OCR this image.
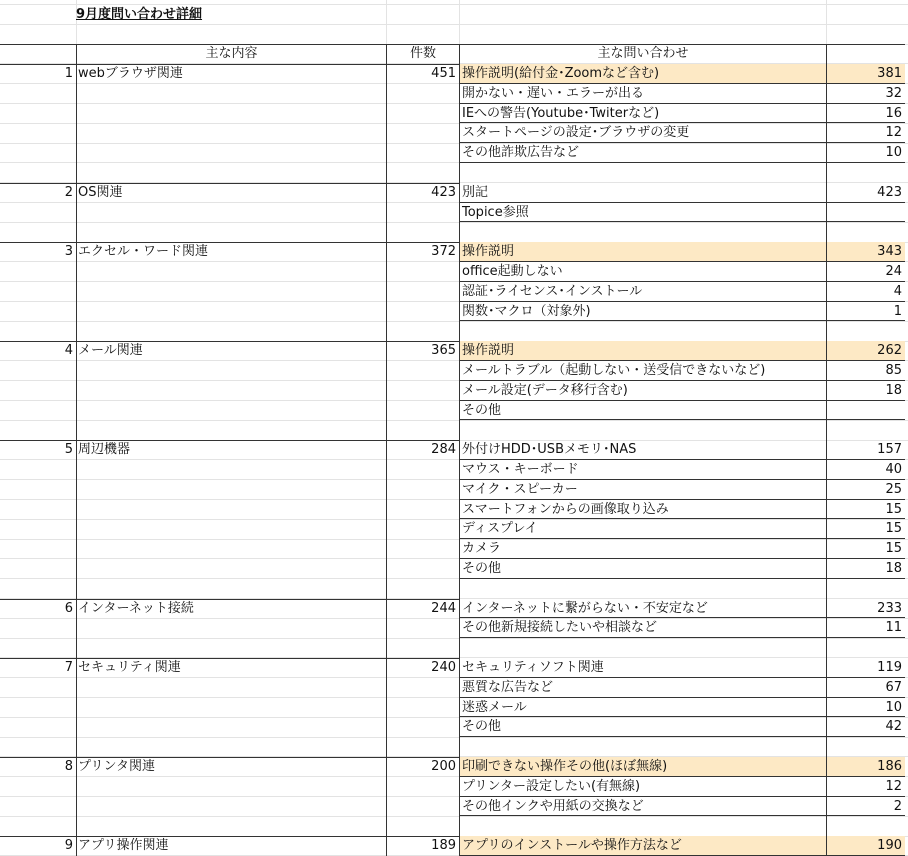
1 webブラウザ関連	451 操作説明(給付金･Zoomなど含む)	381
開かない・遅い・エラーが出る	32
IEへの警告(Youtube･Twiterなど)	16
スタートページの設定･ブラウザの変更	12
その他詐欺広告など	10
2 OS関連	423 別記	423
Topice参照
3 エクセル・ワード関連	372 操作説明	343
office起動しない	24
認証･ライセンス･インストール	4
関数･マクロ（対象外)	1
4 メール関連	365 操作説明	262
メールトラブル（起動しない・送受信できないなど)	85
メール設定(データ移行含む)	18
その他
5 周辺機器	284 外付けHDD･USBメモリ･NAS	157
マウス・キーボード	40
マイク・スピーカー	25
スマートフォンからの画像取り込み	15
ディスプレイ	15
カメラ	15
その他	18
6 インターネット接続	244 インターネットに繋がらない・不安定など	233
その他新規接続したいや相談など	11
7 セキュリティ関連	240 セキュリティソフト関連	119
悪質な広告など	67
迷惑メール	10
その他	42
8 プリンタ関連	200 印刷できない操作その他(ほぼ無線)	186
プリンター設定したい(有無線)	12
その他インクや用紙の交換など	2
9 アプリ操作関連	189 アプリのインストールや操作方法など	190
9月度問い合わせ詳細
主な内容	件数	主な問い合わせ
